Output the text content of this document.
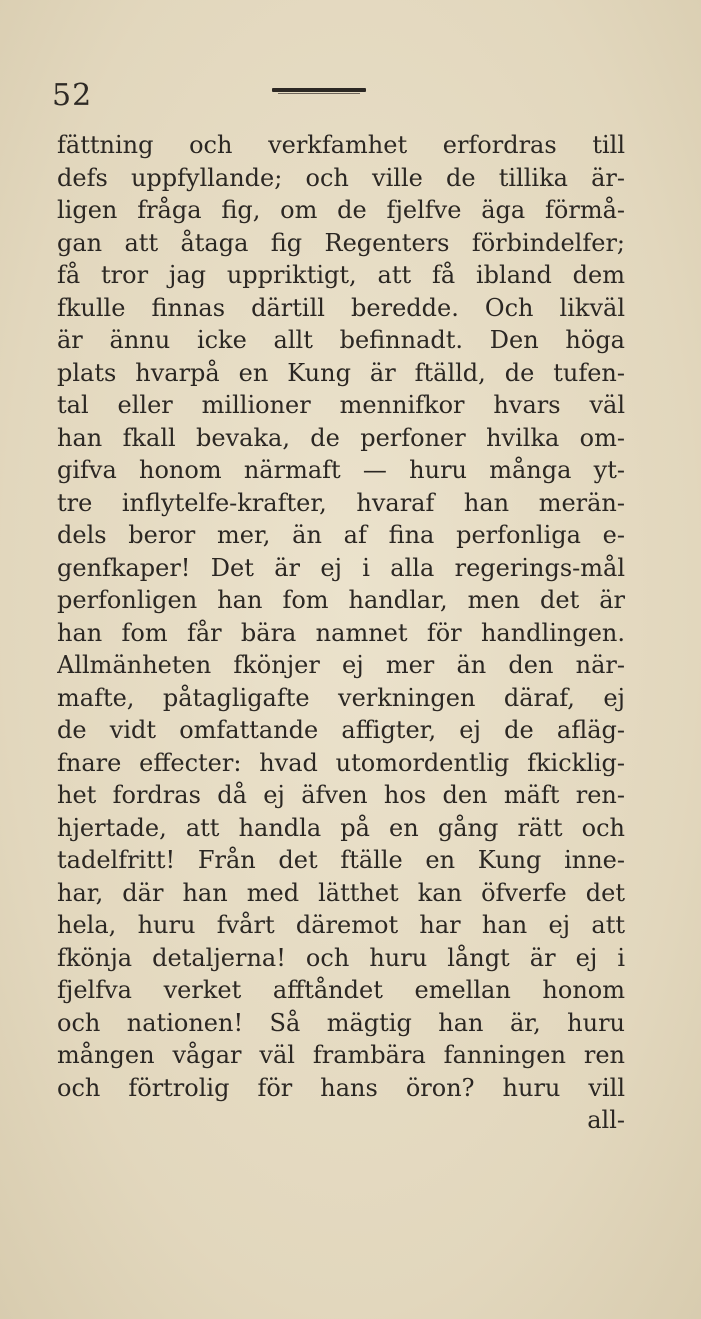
52
fättning och verkfamhet erfordras till
defs uppfyllande; och ville de tillika är-
ligen fråga fig, om de fjelfve äga förmå-
gan att åtaga fig Regenters förbindelfer;
få tror jag uppriktigt, att få ibland dem
fkulle finnas därtill beredde. Och likväl
är ännu icke allt befinnadt. Den höga
plats hvarpå en Kung är ftälld, de tufen-
tal eller millioner mennifkor hvars väl
han fkall bevaka, de perfoner hvilka om-
gifva honom närmaft — huru många yt-
tre inflytelfe-krafter, hvaraf han merän-
dels beror mer, än af fina perfonliga e-
genfkaper! Det är ej i alla regerings-mål
perfonligen han fom handlar, men det är
han fom får bära namnet för handlingen.
Allmänheten fkönjer ej mer än den när-
mafte, påtagligafte verkningen däraf, ej
de vidt omfattande affigter, ej de afläg-
fnare effecter: hvad utomordentlig fkicklig-
het fordras då ej äfven hos den mäft ren-
hjertade, att handla på en gång rätt och
tadelfritt! Från det ftälle en Kung inne-
har, där han med lätthet kan öfverfe det
hela, huru fvårt däremot har han ej att
fkönja detaljerna! och huru långt är ej i
fjelfva verket afftåndet emellan honom
och nationen! Så mägtig han är, huru
mången vågar väl frambära fanningen ren
och förtrolig för hans öron? huru vill
all-
